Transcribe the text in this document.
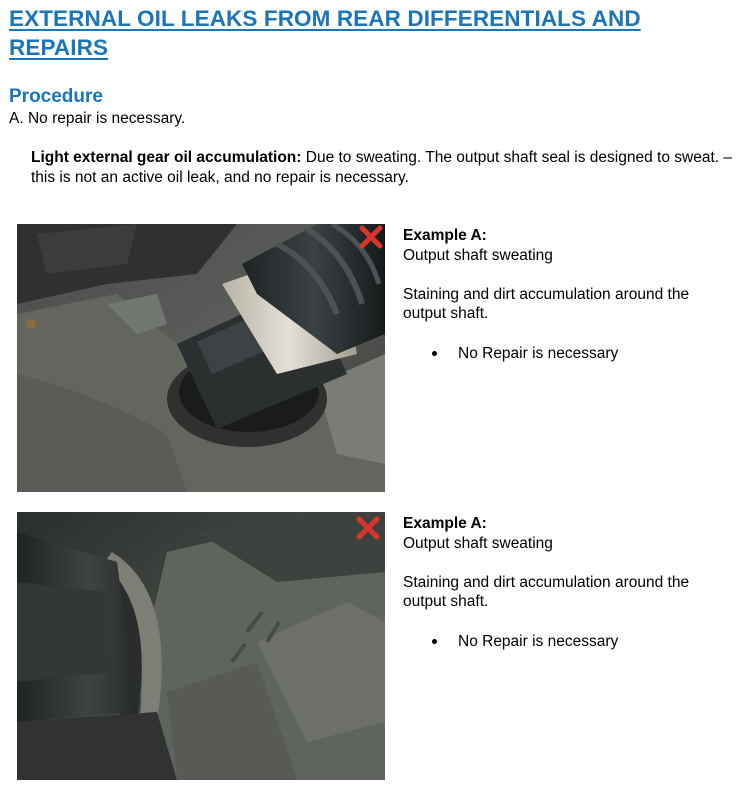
EXTERNAL OIL LEAKS FROM REAR DIFFERENTIALS AND REPAIRS
Procedure
A. No repair is necessary.
Light external gear oil accumulation: Due to sweating. The output shaft seal is designed to sweat. – this is not an active oil leak, and no repair is necessary.
Example A:
Output shaft sweating
Staining and dirt accumulation around the output shaft.
No Repair is necessary
Example A:
Output shaft sweating
Staining and dirt accumulation around the output shaft.
No Repair is necessary
